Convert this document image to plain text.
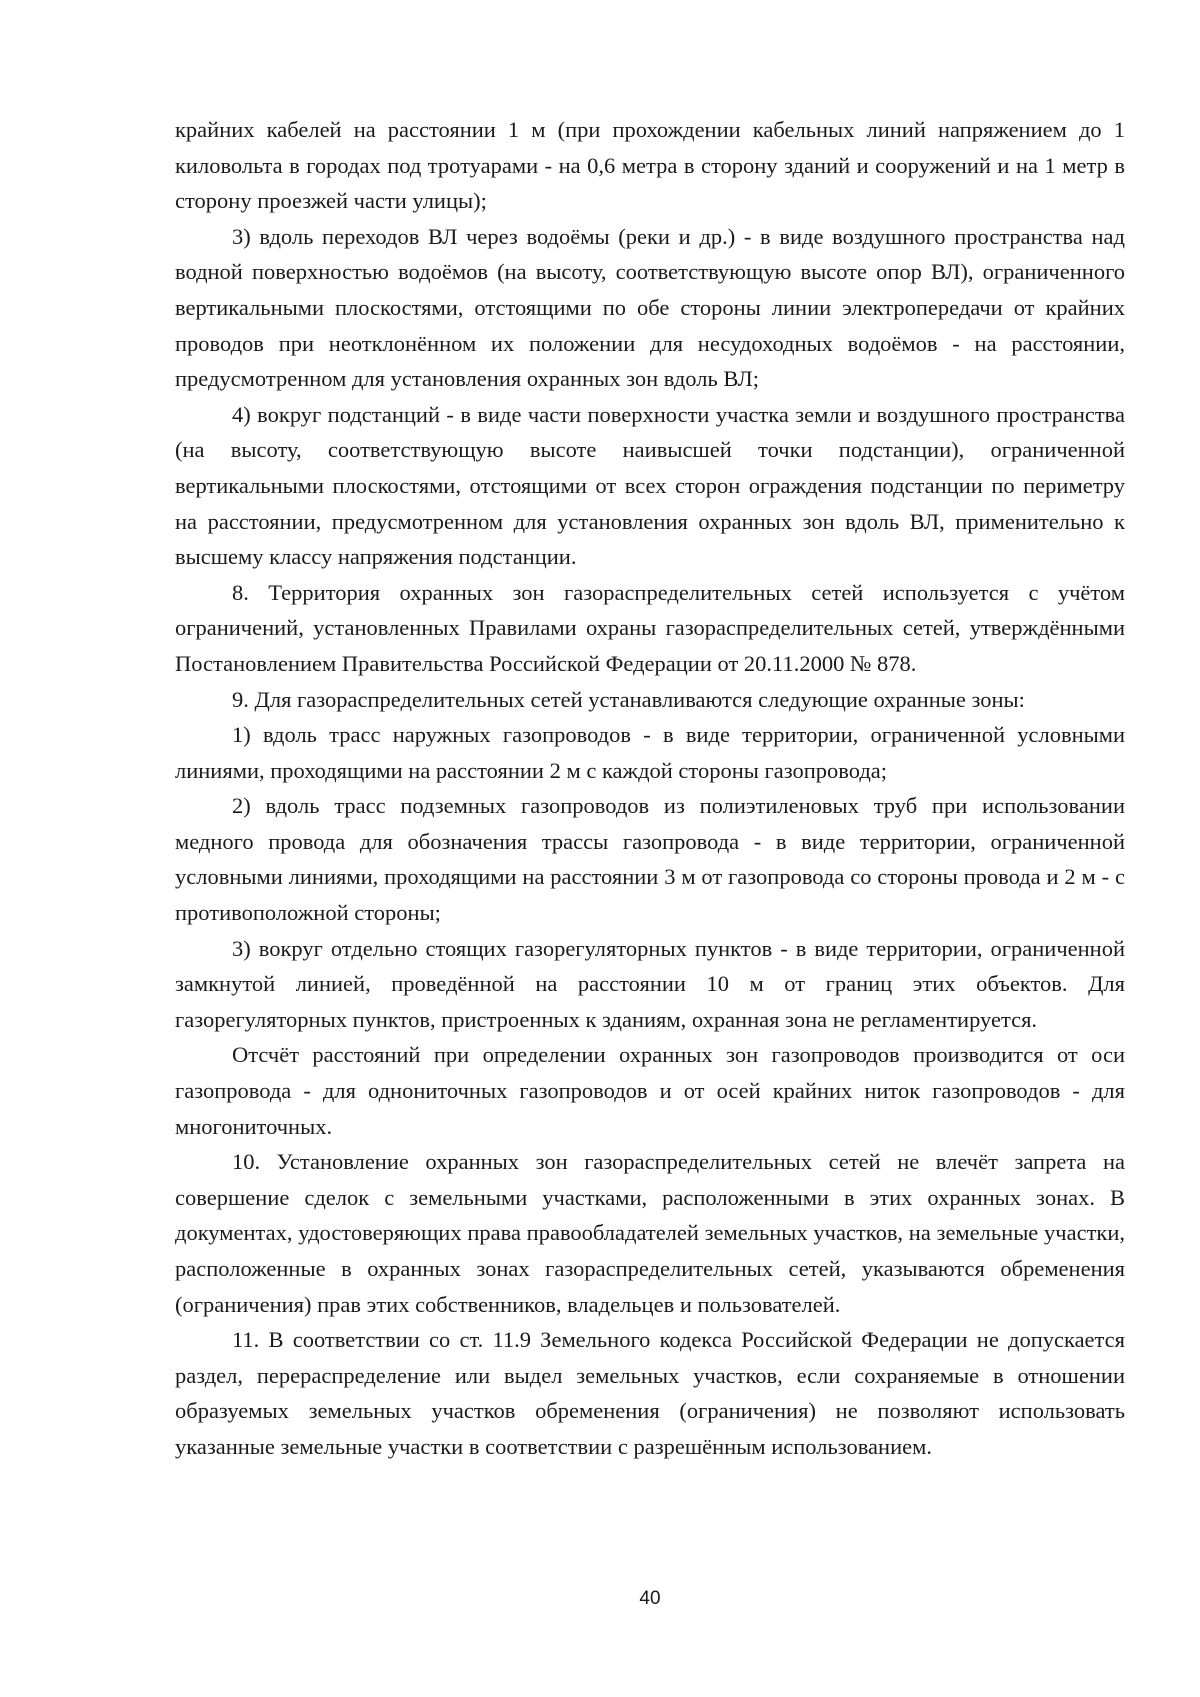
крайних кабелей на расстоянии 1 м (при прохождении кабельных линий напряжением до 1 киловольта в городах под тротуарами - на 0,6 метра в сторону зданий и сооружений и на 1 метр в сторону проезжей части улицы);

3) вдоль переходов ВЛ через водоёмы (реки и др.) - в виде воздушного пространства над водной поверхностью водоёмов (на высоту, соответствующую высоте опор ВЛ), ограниченного вертикальными плоскостями, отстоящими по обе стороны линии электропередачи от крайних проводов при неотклонённом их положении для несудоходных водоёмов - на расстоянии, предусмотренном для установления охранных зон вдоль ВЛ;

4) вокруг подстанций - в виде части поверхности участка земли и воздушного пространства (на высоту, соответствующую высоте наивысшей точки подстанции), ограниченной вертикальными плоскостями, отстоящими от всех сторон ограждения подстанции по периметру на расстоянии, предусмотренном для установления охранных зон вдоль ВЛ, применительно к высшему классу напряжения подстанции.

8. Территория охранных зон газораспределительных сетей используется с учётом ограничений, установленных Правилами охраны газораспределительных сетей, утверждёнными Постановлением Правительства Российской Федерации от 20.11.2000 № 878.

9. Для газораспределительных сетей устанавливаются следующие охранные зоны:

1) вдоль трасс наружных газопроводов - в виде территории, ограниченной условными линиями, проходящими на расстоянии 2 м с каждой стороны газопровода;

2) вдоль трасс подземных газопроводов из полиэтиленовых труб при использовании медного провода для обозначения трассы газопровода - в виде территории, ограниченной условными линиями, проходящими на расстоянии 3 м от газопровода со стороны провода и 2 м - с противоположной стороны;

3) вокруг отдельно стоящих газорегуляторных пунктов - в виде территории, ограниченной замкнутой линией, проведённой на расстоянии 10 м от границ этих объектов. Для газорегуляторных пунктов, пристроенных к зданиям, охранная зона не регламентируется.

Отсчёт расстояний при определении охранных зон газопроводов производится от оси газопровода - для однониточных газопроводов и от осей крайних ниток газопроводов - для многониточных.

10. Установление охранных зон газораспределительных сетей не влечёт запрета на совершение сделок с земельными участками, расположенными в этих охранных зонах. В документах, удостоверяющих права правообладателей земельных участков, на земельные участки, расположенные в охранных зонах газораспределительных сетей, указываются обременения (ограничения) прав этих собственников, владельцев и пользователей.

11. В соответствии со ст. 11.9 Земельного кодекса Российской Федерации не допускается раздел, перераспределение или выдел земельных участков, если сохраняемые в отношении образуемых земельных участков обременения (ограничения) не позволяют использовать указанные земельные участки в соответствии с разрешённым использованием.

40
